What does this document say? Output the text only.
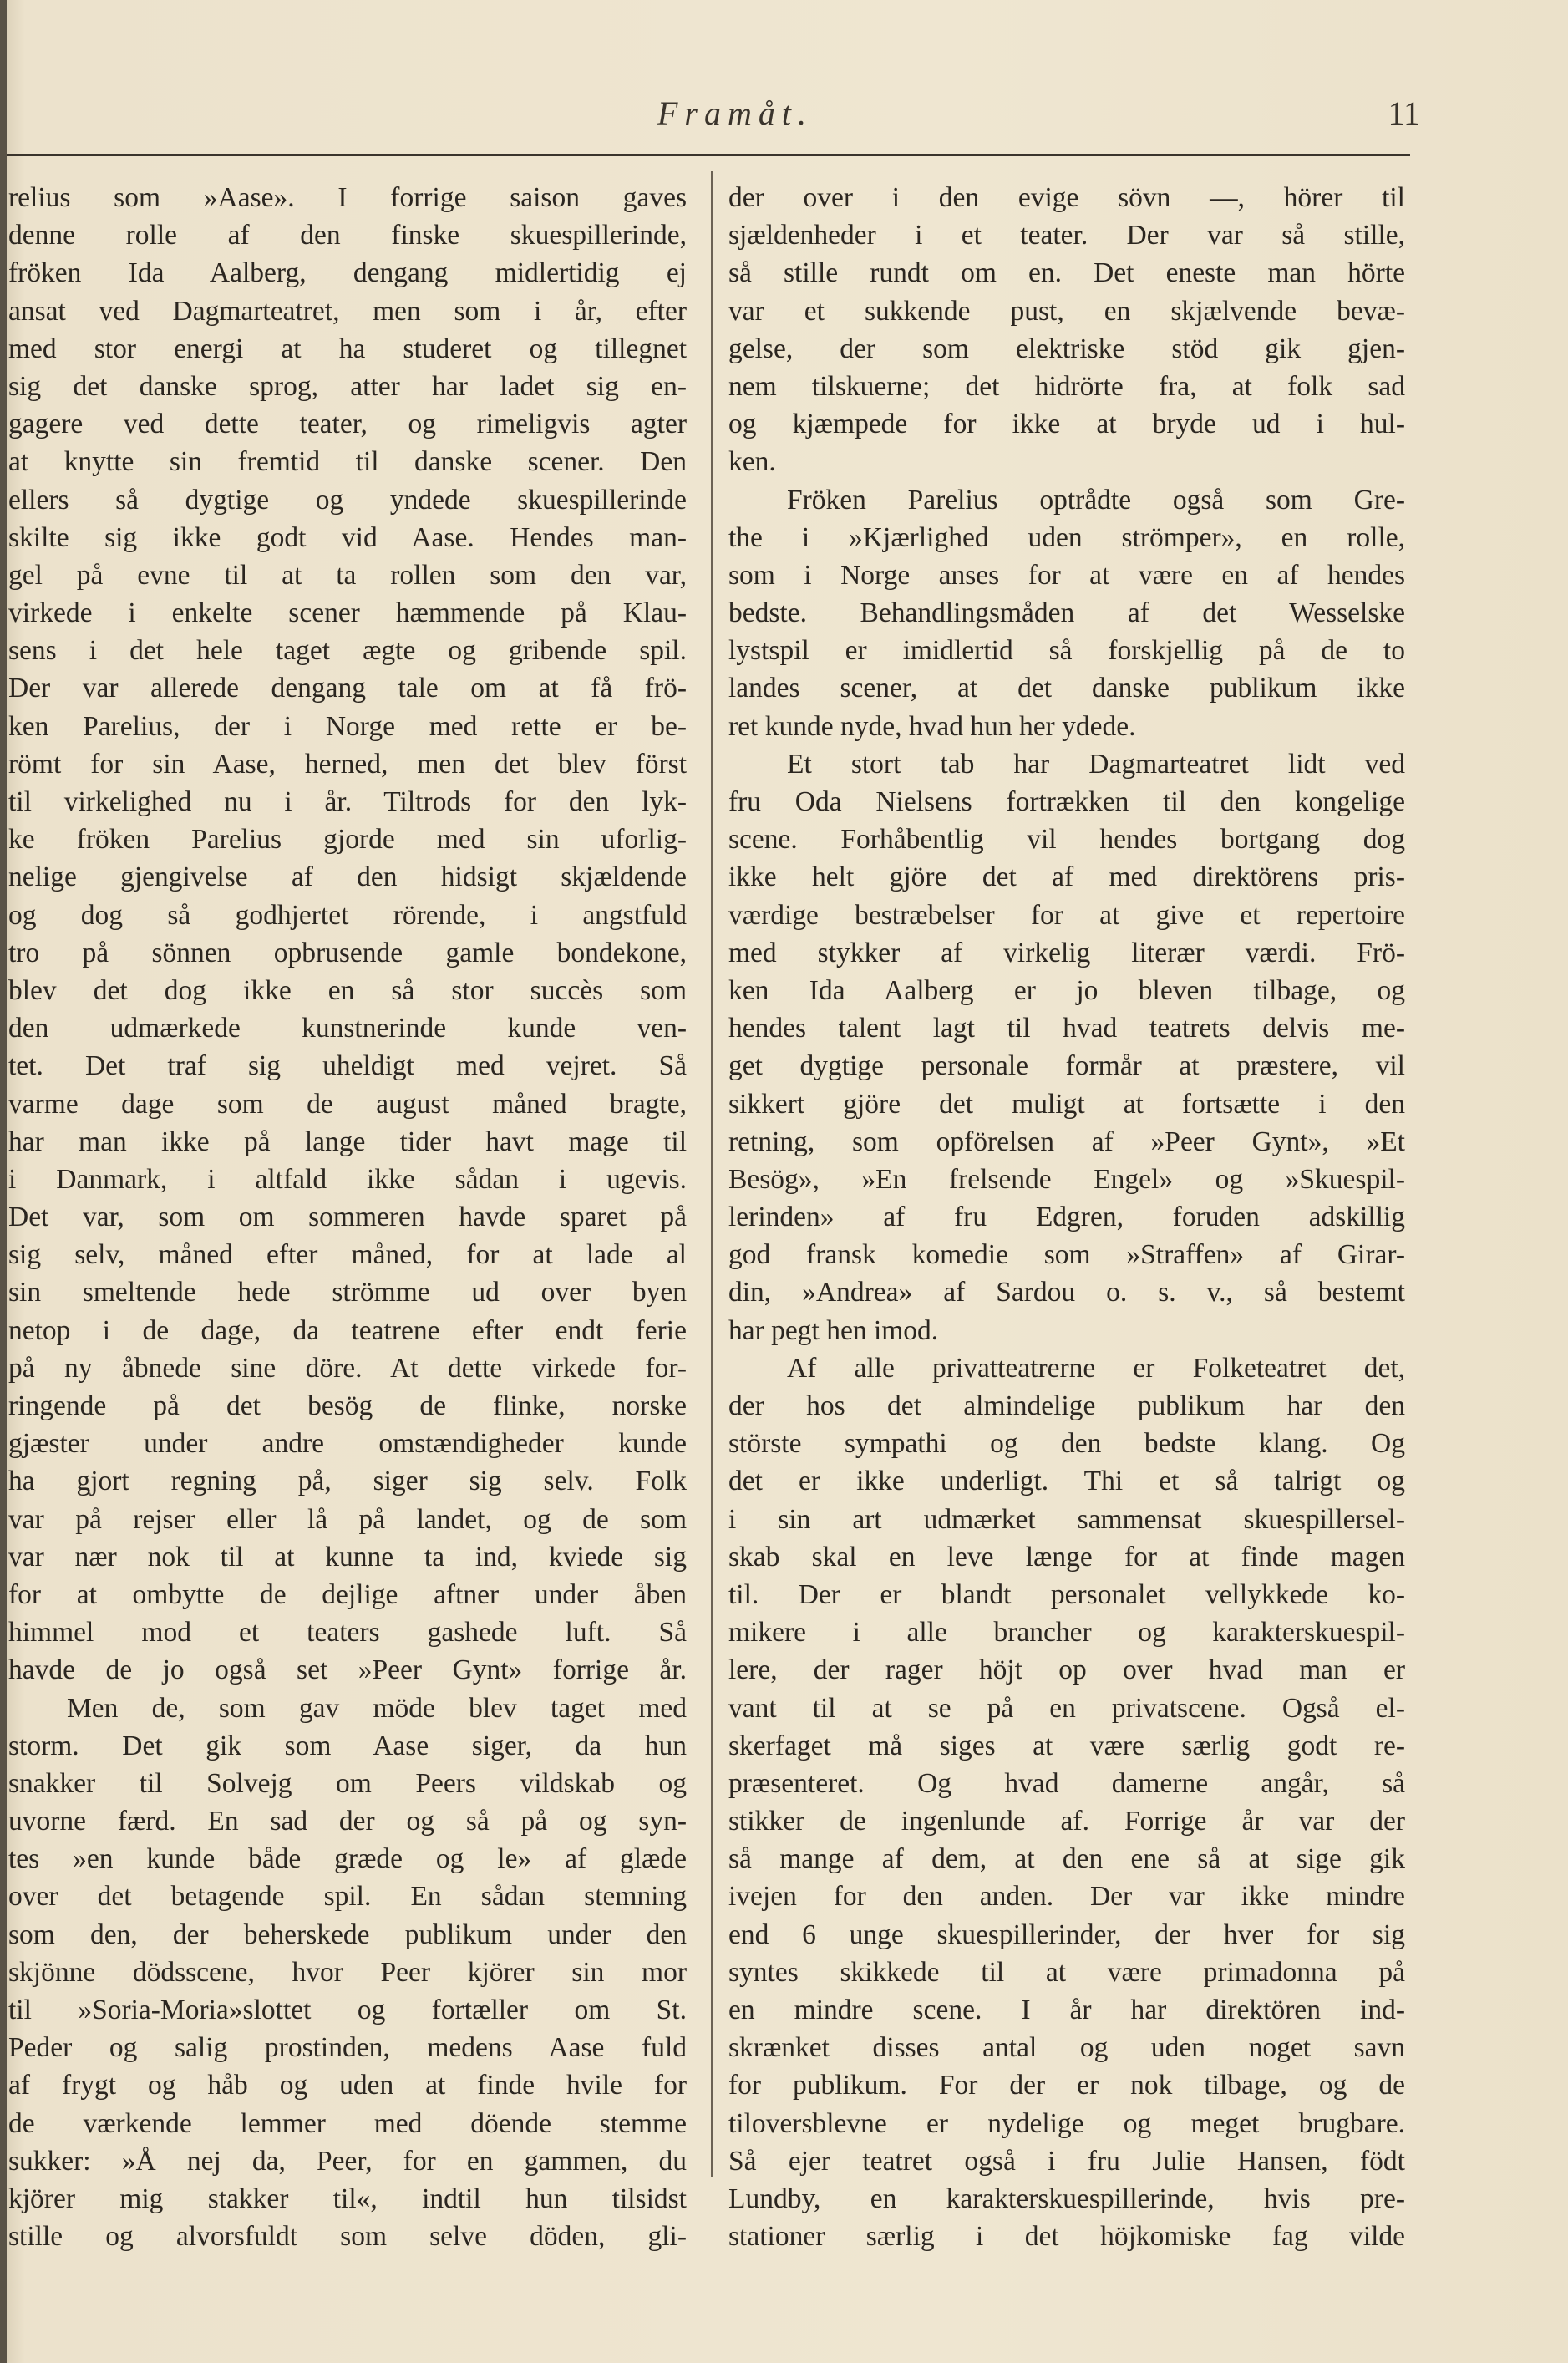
Framåt.	11
relius som »Aase». I forrige saison gaves
denne rolle af den finske skuespillerinde,
fröken Ida Aalberg, dengang midlertidig ej
ansat ved Dagmarteatret, men som i år, efter
med stor energi at ha studeret og tillegnet
sig det danske sprog, atter har ladet sig en-
gagere ved dette teater, og rimeligvis agter
at knytte sin fremtid til danske scener. Den
ellers så dygtige og yndede skuespillerinde
skilte sig ikke godt vid Aase. Hendes man-
gel på evne til at ta rollen som den var,
virkede i enkelte scener hæmmende på Klau-
sens i det hele taget ægte og gribende spil.
Der var allerede dengang tale om at få frö-
ken Parelius, der i Norge med rette er be-
römt for sin Aase, herned, men det blev först
til virkelighed nu i år. Tiltrods for den lyk-
ke fröken Parelius gjorde med sin uforlig-
nelige gjengivelse af den hidsigt skjældende
og dog så godhjertet rörende, i angstfuld
tro på sönnen opbrusende gamle bondekone,
blev det dog ikke en så stor succès som
den udmærkede kunstnerinde kunde ven-
tet. Det traf sig uheldigt med vejret. Så
varme dage som de august måned bragte,
har man ikke på lange tider havt mage til
i Danmark, i altfald ikke sådan i ugevis.
Det var, som om sommeren havde sparet på
sig selv, måned efter måned, for at lade al
sin smeltende hede strömme ud over byen
netop i de dage, da teatrene efter endt ferie
på ny åbnede sine döre. At dette virkede for-
ringende på det besög de flinke, norske
gjæster under andre omstændigheder kunde
ha gjort regning på, siger sig selv. Folk
var på rejser eller lå på landet, og de som
var nær nok til at kunne ta ind, kviede sig
for at ombytte de dejlige aftner under åben
himmel mod et teaters gashede luft. Så
havde de jo også set »Peer Gynt» forrige år.
Men de, som gav möde blev taget med
storm. Det gik som Aase siger, da hun
snakker til Solvejg om Peers vildskab og
uvorne færd. En sad der og så på og syn-
tes »en kunde både græde og le» af glæde
over det betagende spil. En sådan stemning
som den, der beherskede publikum under den
skjönne dödsscene, hvor Peer kjörer sin mor
til »Soria-Moria»slottet og fortæller om St.
Peder og salig prostinden, medens Aase fuld
af frygt og håb og uden at finde hvile for
de værkende lemmer med döende stemme
sukker: »Å nej da, Peer, for en gammen, du
kjörer mig stakker til«, indtil hun tilsidst
stille og alvorsfuldt som selve döden, gli-
der over i den evige sövn —, hörer til
sjældenheder i et teater. Der var så stille,
så stille rundt om en. Det eneste man hörte
var et sukkende pust, en skjælvende bevæ-
gelse, der som elektriske stöd gik gjen-
nem tilskuerne; det hidrörte fra, at folk sad
og kjæmpede for ikke at bryde ud i hul-
ken.
Fröken Parelius optrådte også som Gre-
the i »Kjærlighed uden strömper», en rolle,
som i Norge anses for at være en af hendes
bedste. Behandlingsmåden af det Wesselske
lystspil er imidlertid så forskjellig på de to
landes scener, at det danske publikum ikke
ret kunde nyde, hvad hun her ydede.
Et stort tab har Dagmarteatret lidt ved
fru Oda Nielsens fortrækken til den kongelige
scene. Forhåbentlig vil hendes bortgang dog
ikke helt gjöre det af med direktörens pris-
værdige bestræbelser for at give et repertoire
med stykker af virkelig literær værdi. Frö-
ken Ida Aalberg er jo bleven tilbage, og
hendes talent lagt til hvad teatrets delvis me-
get dygtige personale formår at præstere, vil
sikkert gjöre det muligt at fortsætte i den
retning, som opförelsen af »Peer Gynt», »Et
Besög», »En frelsende Engel» og »Skuespil-
lerinden» af fru Edgren, foruden adskillig
god fransk komedie som »Straffen» af Girar-
din, »Andrea» af Sardou o. s. v., så bestemt
har pegt hen imod.
Af alle privatteatrerne er Folketeatret det,
der hos det almindelige publikum har den
störste sympathi og den bedste klang. Og
det er ikke underligt. Thi et så talrigt og
i sin art udmærket sammensat skuespillersel-
skab skal en leve længe for at finde magen
til. Der er blandt personalet vellykkede ko-
mikere i alle brancher og karakterskuespil-
lere, der rager höjt op over hvad man er
vant til at se på en privatscene. Også el-
skerfaget må siges at være særlig godt re-
præsenteret. Og hvad damerne angår, så
stikker de ingenlunde af. Forrige år var der
så mange af dem, at den ene så at sige gik
ivejen for den anden. Der var ikke mindre
end 6 unge skuespillerinder, der hver for sig
syntes skikkede til at være primadonna på
en mindre scene. I år har direktören ind-
skrænket disses antal og uden noget savn
for publikum. For der er nok tilbage, og de
tiloversblevne er nydelige og meget brugbare.
Så ejer teatret også i fru Julie Hansen, födt
Lundby, en karakterskuespillerinde, hvis pre-
stationer særlig i det höjkomiske fag vilde
